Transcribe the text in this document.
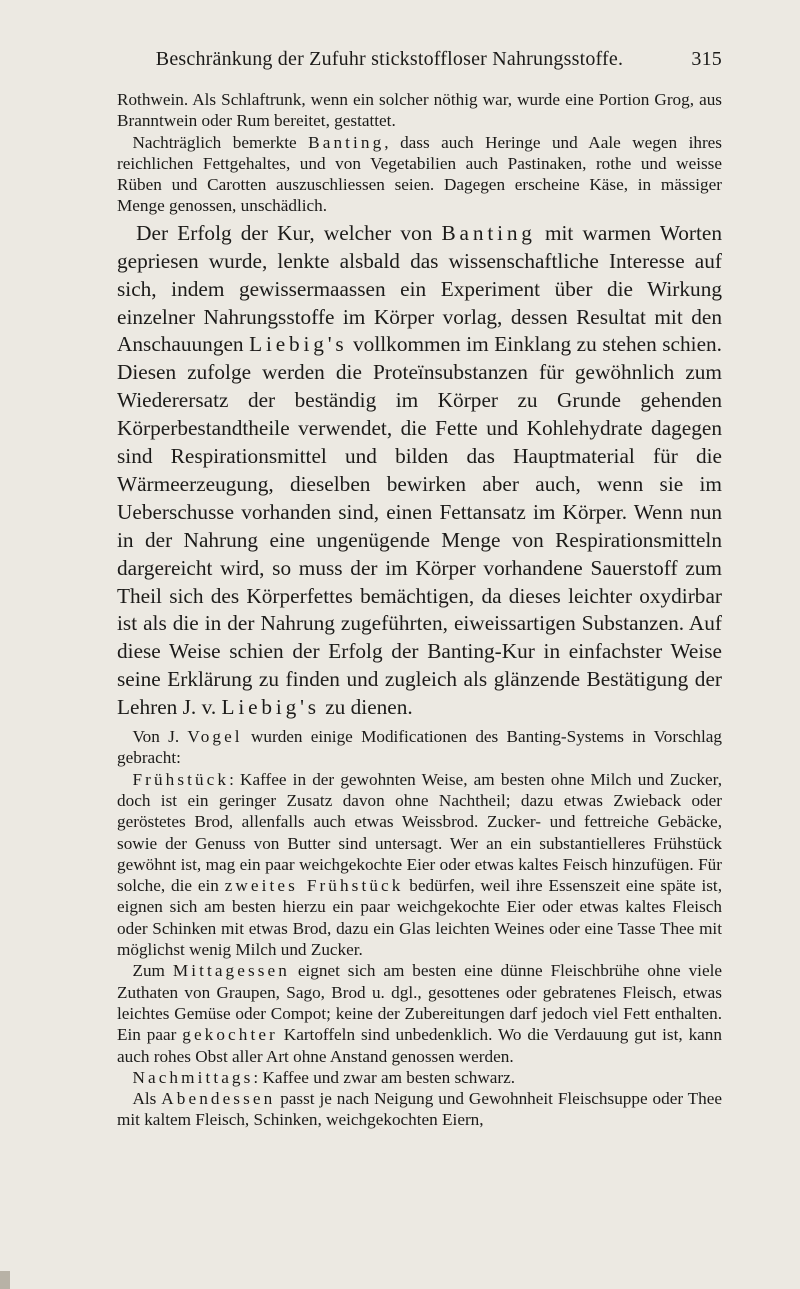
Beschränkung der Zufuhr stickstoffloser Nahrungsstoffe.	315

Rothwein. Als Schlaftrunk, wenn ein solcher nöthig war, wurde eine Portion Grog, aus Branntwein oder Rum bereitet, gestattet.

Nachträglich bemerkte Banting, dass auch Heringe und Aale wegen ihres reichlichen Fettgehaltes, und von Vegetabilien auch Pastinaken, rothe und weisse Rüben und Carotten auszuschliessen seien. Dagegen erscheine Käse, in mässiger Menge genossen, unschädlich.

Der Erfolg der Kur, welcher von Banting mit warmen Worten gepriesen wurde, lenkte alsbald das wissenschaftliche Interesse auf sich, indem gewissermaassen ein Experiment über die Wirkung einzelner Nahrungsstoffe im Körper vorlag, dessen Resultat mit den Anschauungen Liebig's vollkommen im Einklang zu stehen schien. Diesen zufolge werden die Proteïnsubstanzen für gewöhnlich zum Wiederersatz der beständig im Körper zu Grunde gehenden Körperbestandtheile verwendet, die Fette und Kohlehydrate dagegen sind Respirationsmittel und bilden das Hauptmaterial für die Wärmeerzeugung, dieselben bewirken aber auch, wenn sie im Ueberschusse vorhanden sind, einen Fettansatz im Körper. Wenn nun in der Nahrung eine ungenügende Menge von Respirationsmitteln dargereicht wird, so muss der im Körper vorhandene Sauerstoff zum Theil sich des Körperfettes bemächtigen, da dieses leichter oxydirbar ist als die in der Nahrung zugeführten, eiweissartigen Substanzen. Auf diese Weise schien der Erfolg der Banting-Kur in einfachster Weise seine Erklärung zu finden und zugleich als glänzende Bestätigung der Lehren J. v. Liebig's zu dienen.

Von J. Vogel wurden einige Modificationen des Banting-Systems in Vorschlag gebracht:

Frühstück: Kaffee in der gewohnten Weise, am besten ohne Milch und Zucker, doch ist ein geringer Zusatz davon ohne Nachtheil; dazu etwas Zwieback oder geröstetes Brod, allenfalls auch etwas Weissbrod. Zucker- und fettreiche Gebäcke, sowie der Genuss von Butter sind untersagt. Wer an ein substantielleres Frühstück gewöhnt ist, mag ein paar weichgekochte Eier oder etwas kaltes Feisch hinzufügen. Für solche, die ein zweites Frühstück bedürfen, weil ihre Essenszeit eine späte ist, eignen sich am besten hierzu ein paar weichgekochte Eier oder etwas kaltes Fleisch oder Schinken mit etwas Brod, dazu ein Glas leichten Weines oder eine Tasse Thee mit möglichst wenig Milch und Zucker.

Zum Mittagessen eignet sich am besten eine dünne Fleischbrühe ohne viele Zuthaten von Graupen, Sago, Brod u. dgl., gesottenes oder gebratenes Fleisch, etwas leichtes Gemüse oder Compot; keine der Zubereitungen darf jedoch viel Fett enthalten. Ein paar gekochter Kartoffeln sind unbedenklich. Wo die Verdauung gut ist, kann auch rohes Obst aller Art ohne Anstand genossen werden.

Nachmittags: Kaffee und zwar am besten schwarz.

Als Abendessen passt je nach Neigung und Gewohnheit Fleischsuppe oder Thee mit kaltem Fleisch, Schinken, weichgekochten Eiern,
